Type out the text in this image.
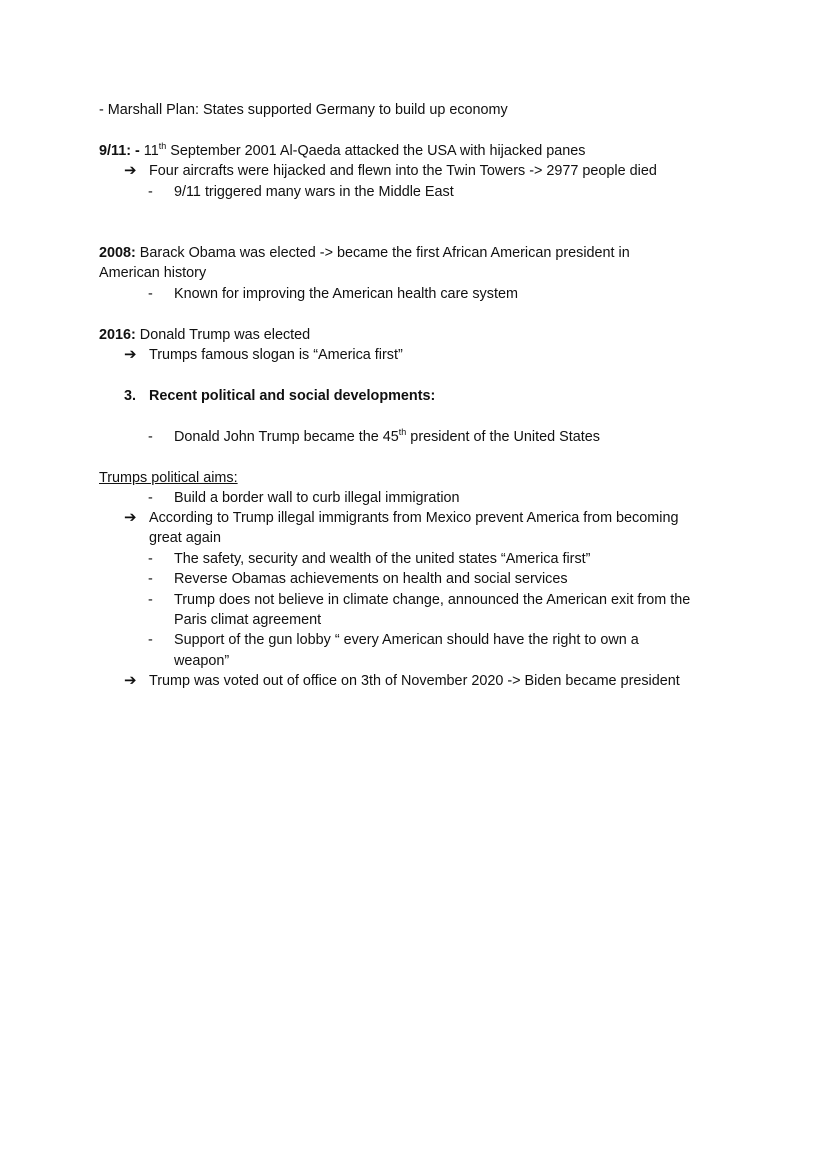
- Marshall Plan: States supported Germany to build up economy
9/11: - 11th September 2001 Al-Qaeda attacked the USA with hijacked panes
➔ Four aircrafts were hijacked and flewn into the Twin Towers -> 2977 people died
- 9/11 triggered many wars in the Middle East
2008: Barack Obama was elected -> became the first African American president in
American history
- Known for improving the American health care system
2016: Donald Trump was elected
➔ Trumps famous slogan is “America first”
3. Recent political and social developments:
- Donald John Trump became the 45th president of the United States
Trumps political aims:
- Build a border wall to curb illegal immigration
➔ According to Trump illegal immigrants from Mexico prevent America from becoming
great again
- The safety, security and wealth of the united states “America first”
- Reverse Obamas achievements on health and social services
- Trump does not believe in climate change, announced the American exit from the
Paris climat agreement
- Support of the gun lobby “ every American should have the right to own a
weapon”
➔ Trump was voted out of office on 3th of November 2020 -> Biden became president
